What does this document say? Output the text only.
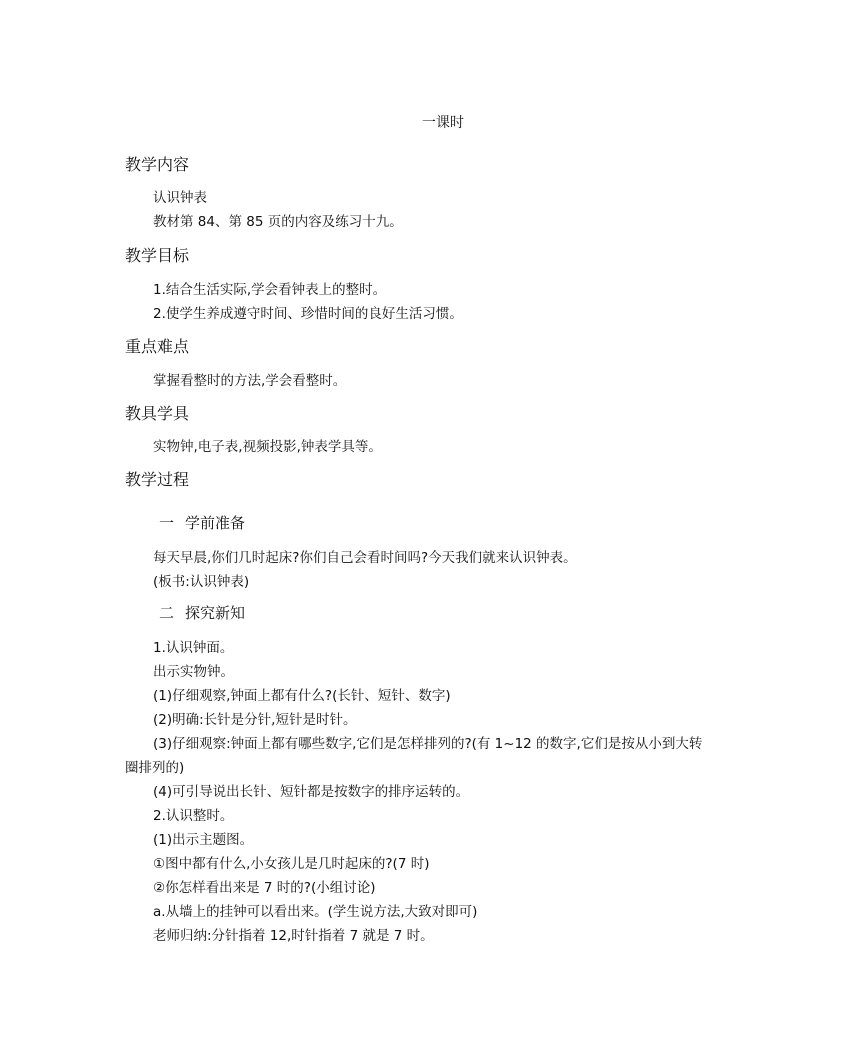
一课时
教学内容
认识钟表
教材第 84、第 85 页的内容及练习十九。
教学目标
1.结合生活实际,学会看钟表上的整时。
2.使学生养成遵守时间、珍惜时间的良好生活习惯。
重点难点
掌握看整时的方法,学会看整时。
教具学具
实物钟,电子表,视频投影,钟表学具等。
教学过程
一 学前准备
每天早晨,你们几时起床?你们自己会看时间吗?今天我们就来认识钟表。
(板书:认识钟表)
二 探究新知
1.认识钟面。
出示实物钟。
(1)仔细观察,钟面上都有什么?(长针、短针、数字)
(2)明确:长针是分针,短针是时针。
(3)仔细观察:钟面上都有哪些数字,它们是怎样排列的?(有 1~12 的数字,它们是按从小到大转
圈排列的)
(4)可引导说出长针、短针都是按数字的排序运转的。
2.认识整时。
(1)出示主题图。
①图中都有什么,小女孩儿是几时起床的?(7 时)
②你怎样看出来是 7 时的?(小组讨论)
a.从墙上的挂钟可以看出来。(学生说方法,大致对即可)
老师归纳:分针指着 12,时针指着 7 就是 7 时。
